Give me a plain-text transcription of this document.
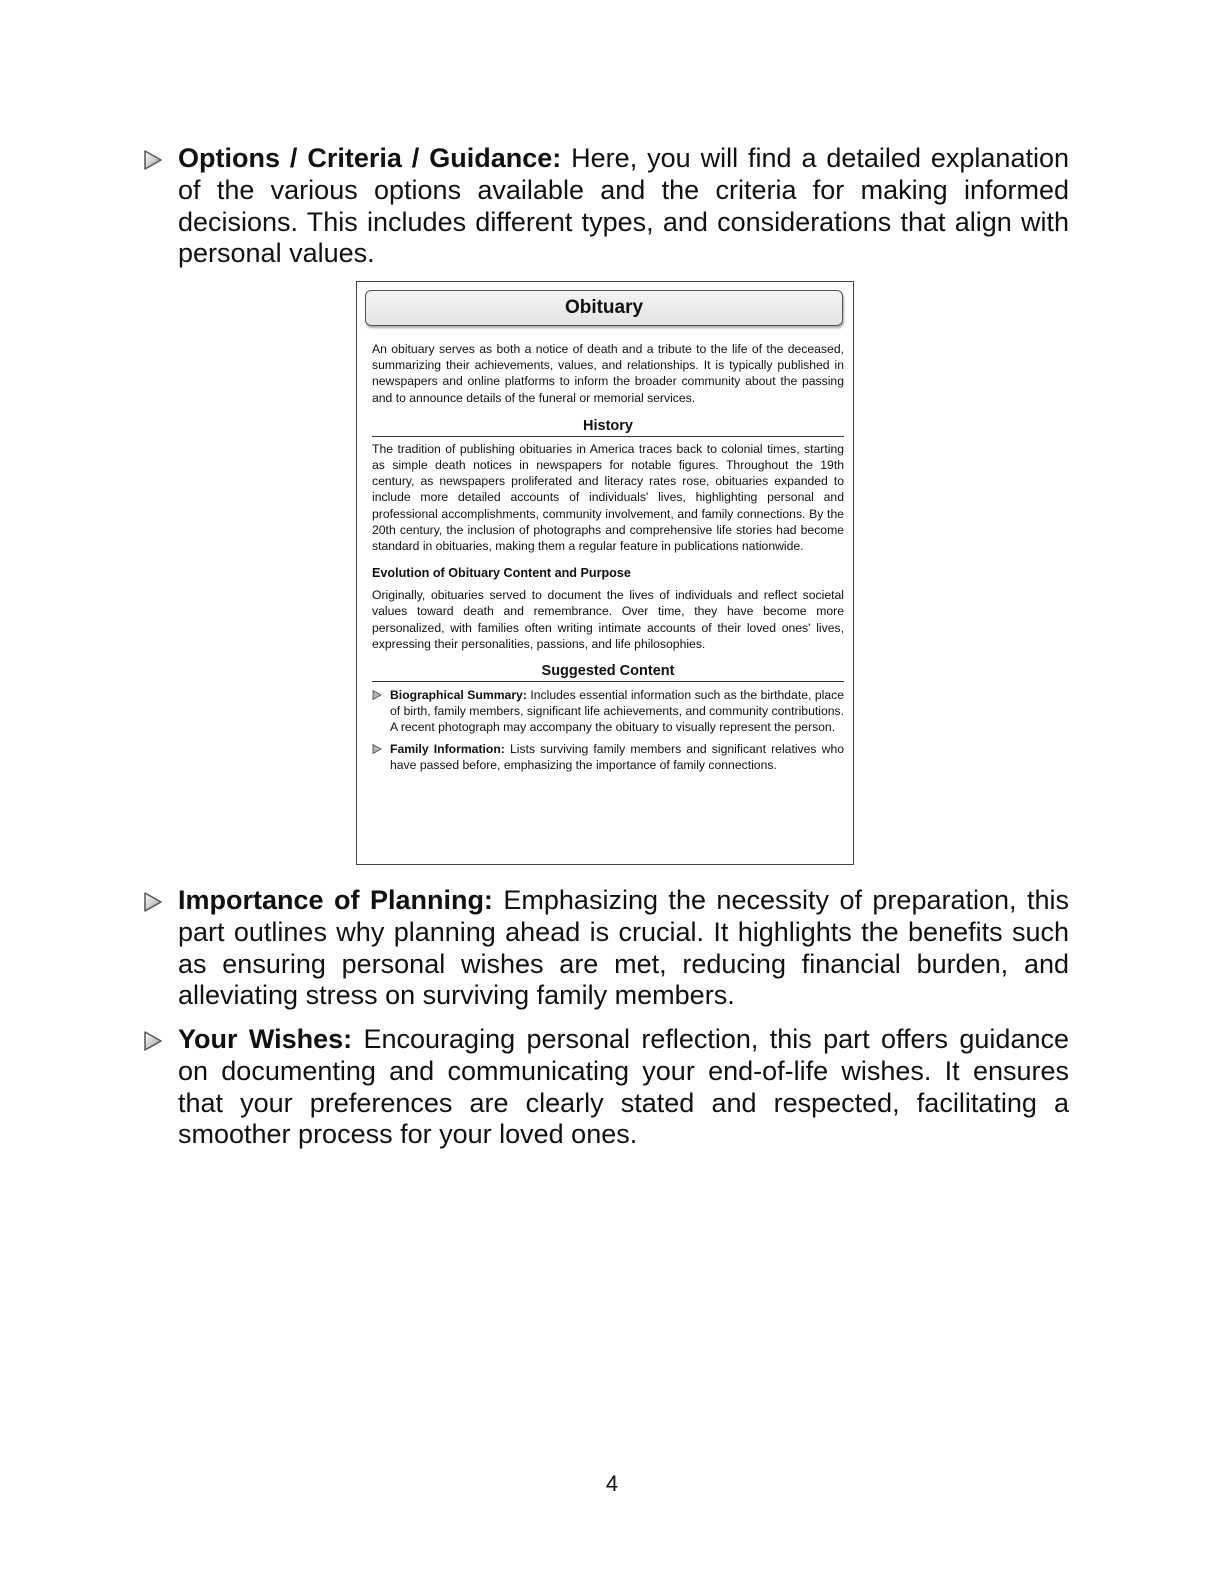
Options / Criteria / Guidance: Here, you will find a detailed explanation of the various options available and the criteria for making informed decisions. This includes different types, and considerations that align with personal values.

Obituary

An obituary serves as both a notice of death and a tribute to the life of the deceased, summarizing their achievements, values, and relationships. It is typically published in newspapers and online platforms to inform the broader community about the passing and to announce details of the funeral or memorial services.

History

The tradition of publishing obituaries in America traces back to colonial times, starting as simple death notices in newspapers for notable figures. Throughout the 19th century, as newspapers proliferated and literacy rates rose, obituaries expanded to include more detailed accounts of individuals' lives, highlighting personal and professional accomplishments, community involvement, and family connections. By the 20th century, the inclusion of photographs and comprehensive life stories had become standard in obituaries, making them a regular feature in publications nationwide.

Evolution of Obituary Content and Purpose

Originally, obituaries served to document the lives of individuals and reflect societal values toward death and remembrance. Over time, they have become more personalized, with families often writing intimate accounts of their loved ones' lives, expressing their personalities, passions, and life philosophies.

Suggested Content

Biographical Summary: Includes essential information such as the birthdate, place of birth, family members, significant life achievements, and community contributions. A recent photograph may accompany the obituary to visually represent the person.

Family Information: Lists surviving family members and significant relatives who have passed before, emphasizing the importance of family connections.

Importance of Planning: Emphasizing the necessity of preparation, this part outlines why planning ahead is crucial. It highlights the benefits such as ensuring personal wishes are met, reducing financial burden, and alleviating stress on surviving family members.

Your Wishes: Encouraging personal reflection, this part offers guidance on documenting and communicating your end-of-life wishes. It ensures that your preferences are clearly stated and respected, facilitating a smoother process for your loved ones.

4
